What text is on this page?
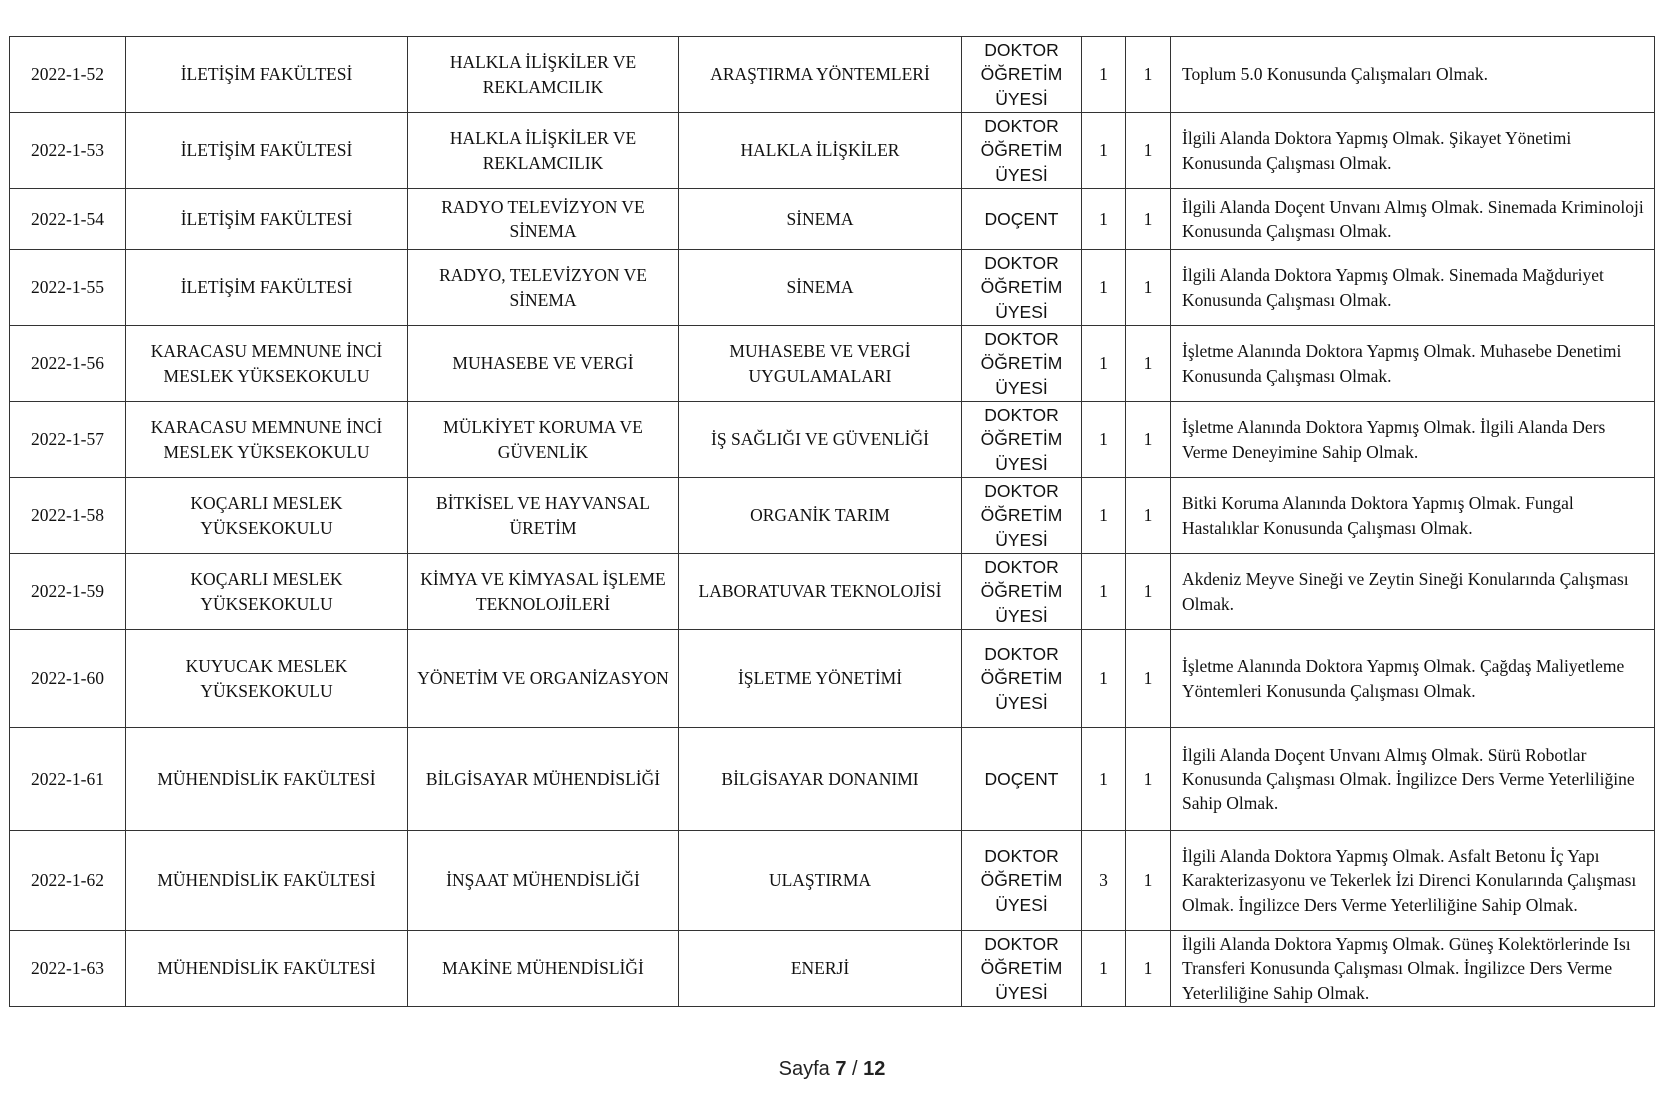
2022-1-52	İLETİŞİM FAKÜLTESİ	HALKLA İLİŞKİLER VE REKLAMCILIK	ARAŞTIRMA YÖNTEMLERİ	DOKTOR ÖĞRETİM ÜYESİ	1	1	Toplum 5.0 Konusunda Çalışmaları Olmak.
2022-1-53	İLETİŞİM FAKÜLTESİ	HALKLA İLİŞKİLER VE REKLAMCILIK	HALKLA İLİŞKİLER	DOKTOR ÖĞRETİM ÜYESİ	1	1	İlgili Alanda Doktora Yapmış Olmak. Şikayet Yönetimi Konusunda Çalışması Olmak.
2022-1-54	İLETİŞİM FAKÜLTESİ	RADYO TELEVİZYON VE SİNEMA	SİNEMA	DOÇENT	1	1	İlgili Alanda Doçent Unvanı Almış Olmak. Sinemada Kriminoloji Konusunda Çalışması Olmak.
2022-1-55	İLETİŞİM FAKÜLTESİ	RADYO, TELEVİZYON VE SİNEMA	SİNEMA	DOKTOR ÖĞRETİM ÜYESİ	1	1	İlgili Alanda Doktora Yapmış Olmak. Sinemada Mağduriyet Konusunda Çalışması Olmak.
2022-1-56	KARACASU MEMNUNE İNCİ MESLEK YÜKSEKOKULU	MUHASEBE VE VERGİ	MUHASEBE VE VERGİ UYGULAMALARI	DOKTOR ÖĞRETİM ÜYESİ	1	1	İşletme Alanında Doktora Yapmış Olmak. Muhasebe Denetimi Konusunda Çalışması Olmak.
2022-1-57	KARACASU MEMNUNE İNCİ MESLEK YÜKSEKOKULU	MÜLKİYET KORUMA VE GÜVENLİK	İŞ SAĞLIĞI VE GÜVENLİĞİ	DOKTOR ÖĞRETİM ÜYESİ	1	1	İşletme Alanında Doktora Yapmış Olmak. İlgili Alanda Ders Verme Deneyimine Sahip Olmak.
2022-1-58	KOÇARLI MESLEK YÜKSEKOKULU	BİTKİSEL VE HAYVANSAL ÜRETİM	ORGANİK TARIM	DOKTOR ÖĞRETİM ÜYESİ	1	1	Bitki Koruma Alanında Doktora Yapmış Olmak. Fungal Hastalıklar Konusunda Çalışması Olmak.
2022-1-59	KOÇARLI MESLEK YÜKSEKOKULU	KİMYA VE KİMYASAL İŞLEME TEKNOLOJİLERİ	LABORATUVAR TEKNOLOJİSİ	DOKTOR ÖĞRETİM ÜYESİ	1	1	Akdeniz Meyve Sineği ve Zeytin Sineği Konularında Çalışması Olmak.
2022-1-60	KUYUCAK MESLEK YÜKSEKOKULU	YÖNETİM VE ORGANİZASYON	İŞLETME YÖNETİMİ	DOKTOR ÖĞRETİM ÜYESİ	1	1	İşletme Alanında Doktora Yapmış Olmak. Çağdaş Maliyetleme Yöntemleri Konusunda Çalışması Olmak.
2022-1-61	MÜHENDİSLİK FAKÜLTESİ	BİLGİSAYAR MÜHENDİSLİĞİ	BİLGİSAYAR DONANIMI	DOÇENT	1	1	İlgili Alanda Doçent Unvanı Almış Olmak. Sürü Robotlar Konusunda Çalışması Olmak. İngilizce Ders Verme Yeterliliğine Sahip Olmak.
2022-1-62	MÜHENDİSLİK FAKÜLTESİ	İNŞAAT MÜHENDİSLİĞİ	ULAŞTIRMA	DOKTOR ÖĞRETİM ÜYESİ	3	1	İlgili Alanda Doktora Yapmış Olmak. Asfalt Betonu İç Yapı Karakterizasyonu ve Tekerlek İzi Direnci Konularında Çalışması Olmak. İngilizce Ders Verme Yeterliliğine Sahip Olmak.
2022-1-63	MÜHENDİSLİK FAKÜLTESİ	MAKİNE MÜHENDİSLİĞİ	ENERJİ	DOKTOR ÖĞRETİM ÜYESİ	1	1	İlgili Alanda Doktora Yapmış Olmak. Güneş Kolektörlerinde Isı Transferi Konusunda Çalışması Olmak. İngilizce Ders Verme Yeterliliğine Sahip Olmak.
Sayfa 7 / 12
